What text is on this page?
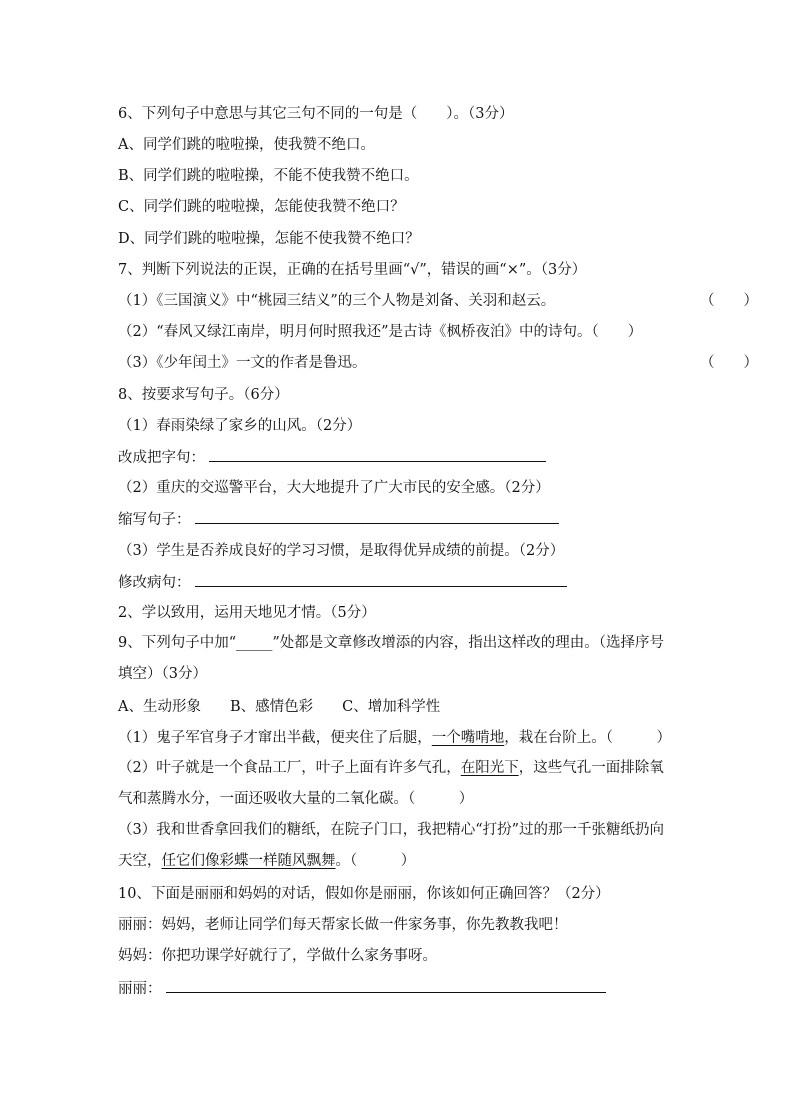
6、下列句子中意思与其它三句不同的一句是（　　）。（3分）
A、同学们跳的啦啦操，使我赞不绝口。
B、同学们跳的啦啦操，不能不使我赞不绝口。
C、同学们跳的啦啦操，怎能使我赞不绝口？
D、同学们跳的啦啦操，怎能不使我赞不绝口？
7、判断下列说法的正误，正确的在括号里画“√”，错误的画“×”。（3分）
（1）《三国演义》中“桃园三结义”的三个人物是刘备、关羽和赵云。	（　　）
（2）“春风又绿江南岸，明月何时照我还”是古诗《枫桥夜泊》中的诗句。（　　）
（3）《少年闰土》一文的作者是鲁迅。	（　　）
8、按要求写句子。（6分）
（1）春雨染绿了家乡的山风。（2分）
改成把字句：
（2）重庆的交巡警平台，大大地提升了广大市民的安全感。（2分）
缩写句子：
（3）学生是否养成良好的学习习惯，是取得优异成绩的前提。（2分）
修改病句：
2、学以致用，运用天地见才情。（5分）
9、下列句子中加“_____”处都是文章修改增添的内容，指出这样改的理由。（选择序号填空）（3分）
A、生动形象　　B、感情色彩　　C、增加科学性
（1）鬼子军官身子才窜出半截，便夹住了后腿，一个嘴啃地，栽在台阶上。（　　　）
（2）叶子就是一个食品工厂，叶子上面有许多气孔，在阳光下，这些气孔一面排除氧气和蒸腾水分，一面还吸收大量的二氧化碳。（　　　）
（3）我和世香拿回我们的糖纸，在院子门口，我把精心“打扮”过的那一千张糖纸扔向天空，任它们像彩蝶一样随风飘舞。（　　　）
10、下面是丽丽和妈妈的对话，假如你是丽丽，你该如何正确回答？（2分）
丽丽：妈妈，老师让同学们每天帮家长做一件家务事，你先教教我吧！
妈妈：你把功课学好就行了，学做什么家务事呀。
丽丽：
